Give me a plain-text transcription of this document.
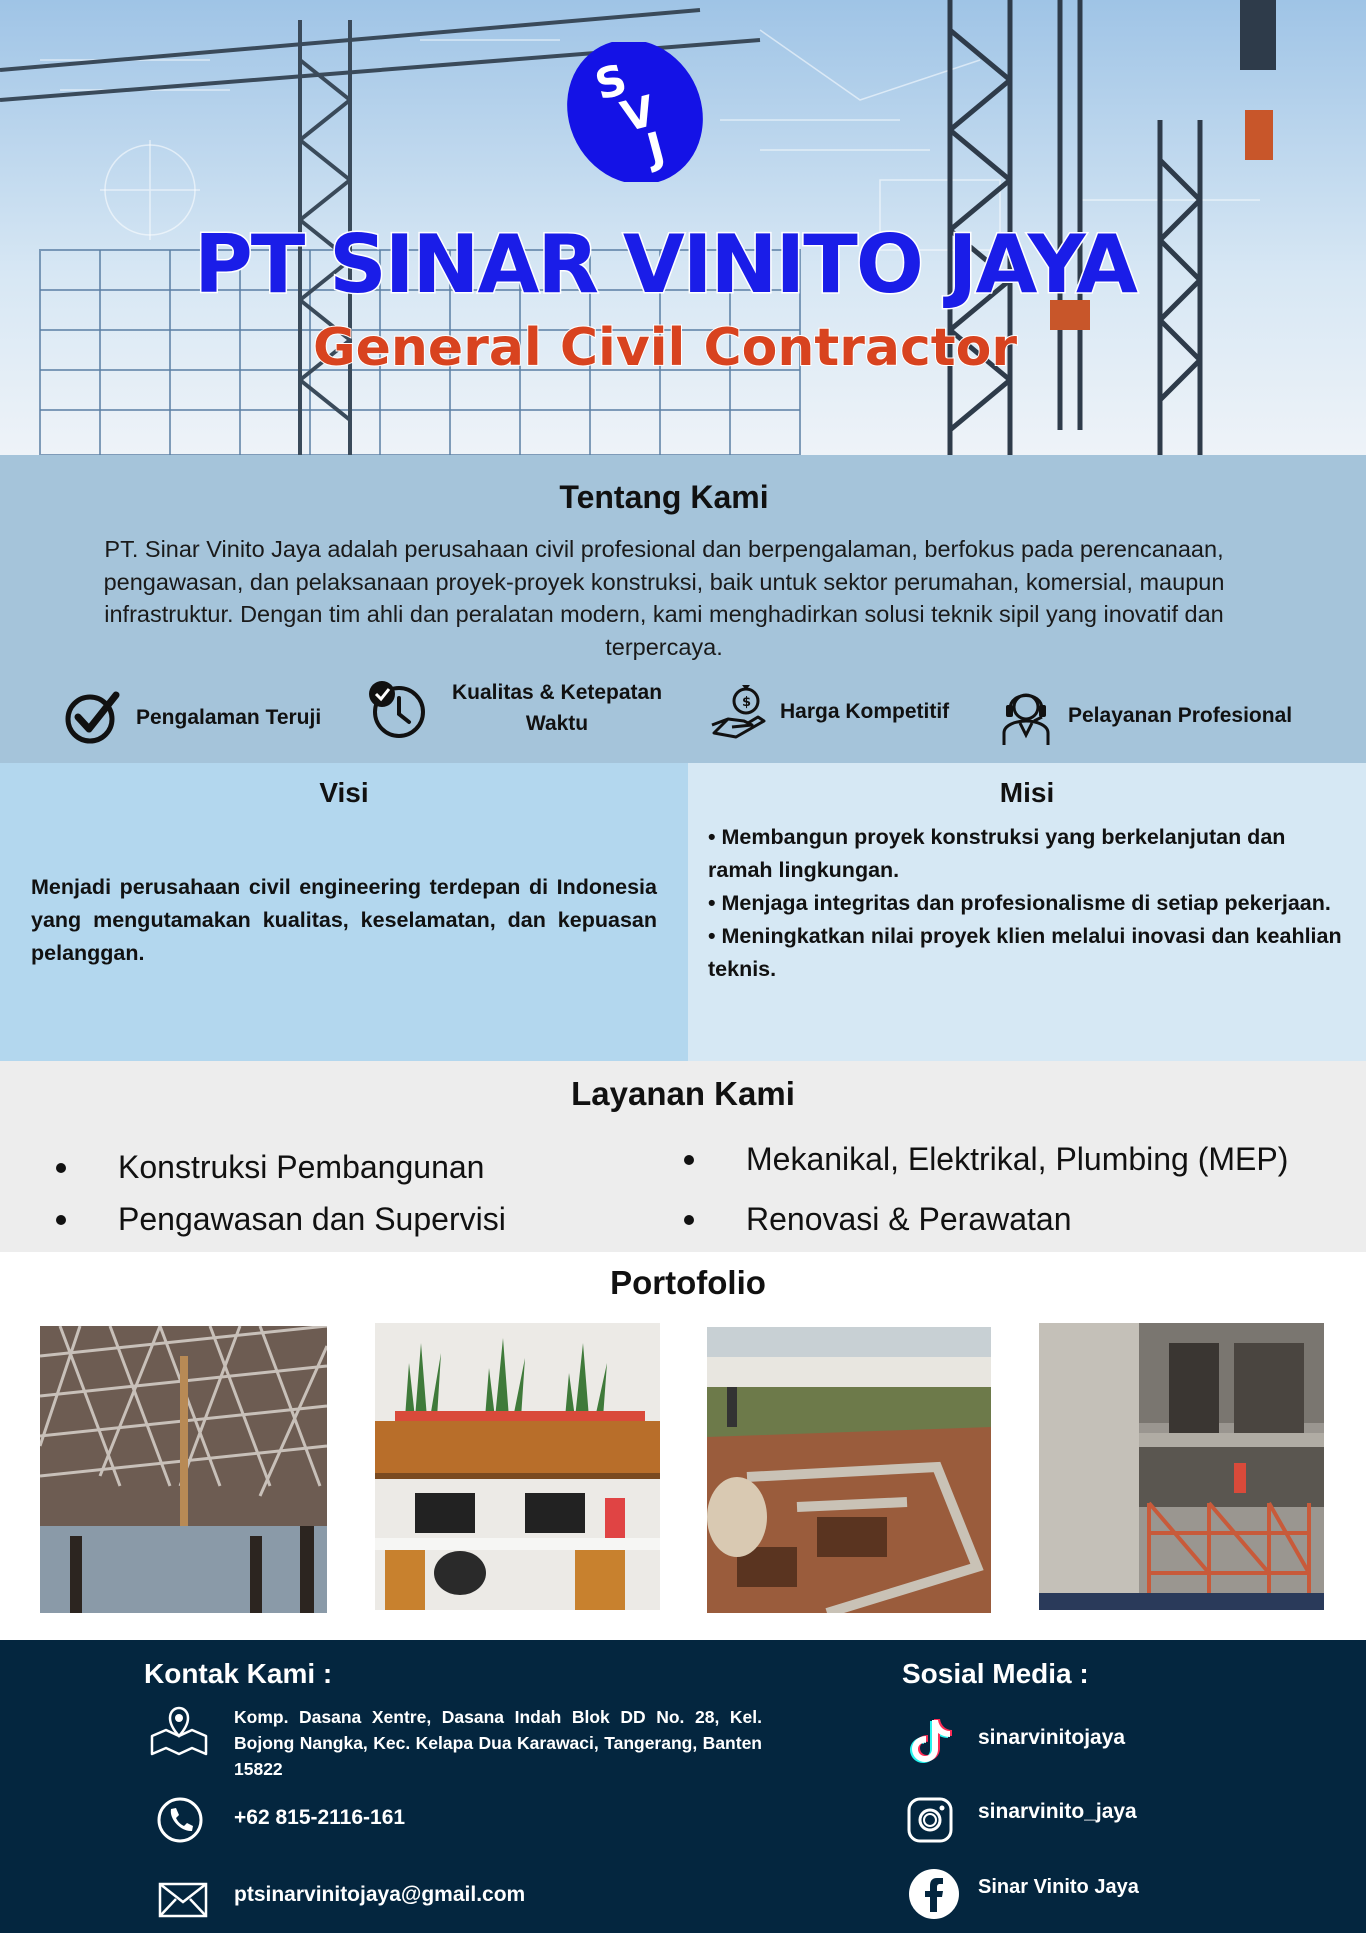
S
V
J
PT SINAR VINITO JAYA
General Civil Contractor
Tentang Kami

PT. Sinar Vinito Jaya adalah perusahaan civil profesional dan berpengalaman, berfokus pada perencanaan, pengawasan, dan pelaksanaan proyek-proyek konstruksi, baik untuk sektor perumahan, komersial, maupun infrastruktur. Dengan tim ahli dan peralatan modern, kami menghadirkan solusi teknik sipil yang inovatif dan terpercaya.

Pengalaman Teruji
Kualitas & Ketepatan
Waktu
$ Harga Kompetitif	Pelayanan Profesional
Visi
Menjadi perusahaan civil engineering terdepan di Indonesia yang mengutamakan kualitas, keselamatan, dan kepuasan pelanggan.
Misi
• Membangun proyek konstruksi yang berkelanjutan dan ramah lingkungan.
• Menjaga integritas dan profesionalisme di setiap pekerjaan.
• Meningkatkan nilai proyek klien melalui inovasi dan keahlian teknis.
Layanan Kami
Konstruksi Pembangunan
Pengawasan dan Supervisi
Mekanikal, Elektrikal, Plumbing (MEP)
Renovasi & Perawatan
Portofolio
Kontak Kami :
Komp. Dasana Xentre, Dasana Indah Blok DD No. 28, Kel. Bojong Nangka, Kec. Kelapa Dua Karawaci, Tangerang, Banten 15822
+62 815-2116-161
ptsinarvinitojaya@gmail.com
Sosial Media :
sinarvinitojaya
sinarvinito_jaya
Sinar Vinito Jaya
